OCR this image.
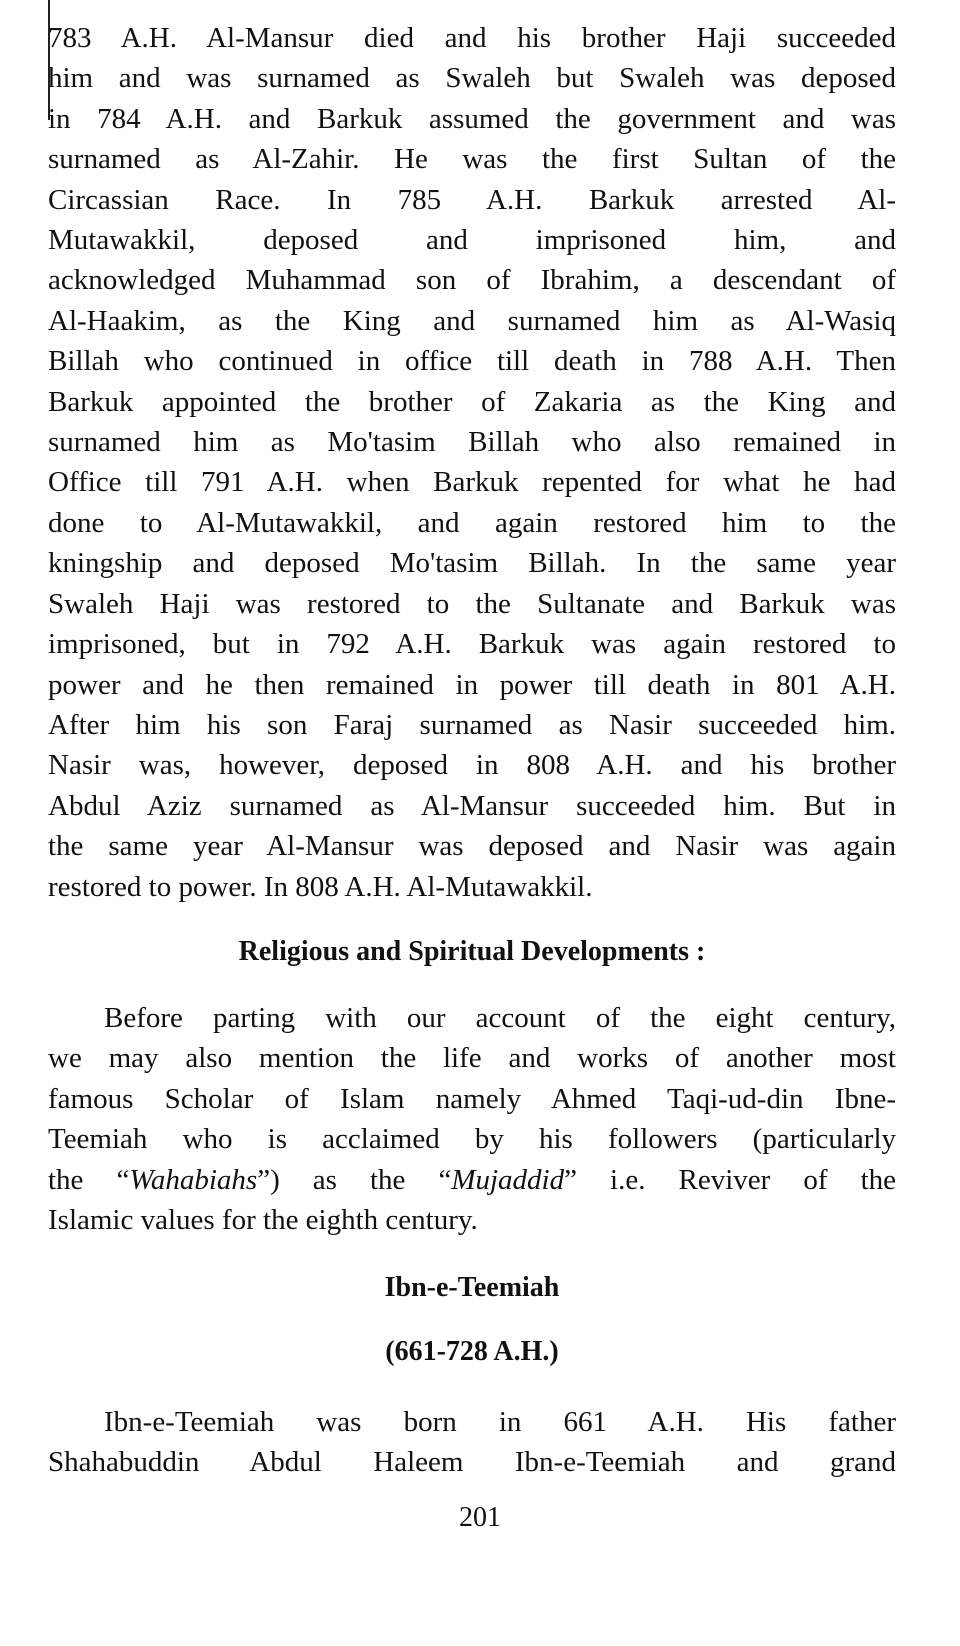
783 A.H. Al-Mansur died and his brother Haji succeeded
him and was surnamed as Swaleh but Swaleh was deposed
in 784 A.H. and Barkuk assumed the government and was
surnamed as Al-Zahir. He was the first Sultan of the
Circassian Race. In 785 A.H. Barkuk arrested Al-
Mutawakkil, deposed and imprisoned him, and
acknowledged Muhammad son of Ibrahim, a descendant of
Al-Haakim, as the King and surnamed him as Al-Wasiq
Billah who continued in office till death in 788 A.H. Then
Barkuk appointed the brother of Zakaria as the King and
surnamed him as Mo'tasim Billah who also remained in
Office till 791 A.H. when Barkuk repented for what he had
done to Al-Mutawakkil, and again restored him to the
kningship and deposed Mo'tasim Billah. In the same year
Swaleh Haji was restored to the Sultanate and Barkuk was
imprisoned, but in 792 A.H. Barkuk was again restored to
power and he then remained in power till death in 801 A.H.
After him his son Faraj surnamed as Nasir succeeded him.
Nasir was, however, deposed in 808 A.H. and his brother
Abdul Aziz surnamed as Al-Mansur succeeded him. But in
the same year Al-Mansur was deposed and Nasir was again
restored to power. In 808 A.H. Al-Mutawakkil.
Religious and Spiritual Developments :
Before parting with our account of the eight century,
we may also mention the life and works of another most
famous Scholar of Islam namely Ahmed Taqi-ud-din Ibne-
Teemiah who is acclaimed by his followers (particularly
the “Wahabiahs”) as the “Mujaddid” i.e. Reviver of the
Islamic values for the eighth century.
Ibn-e-Teemiah
(661-728 A.H.)
Ibn-e-Teemiah was born in 661 A.H. His father
Shahabuddin Abdul Haleem Ibn-e-Teemiah and grand
201
